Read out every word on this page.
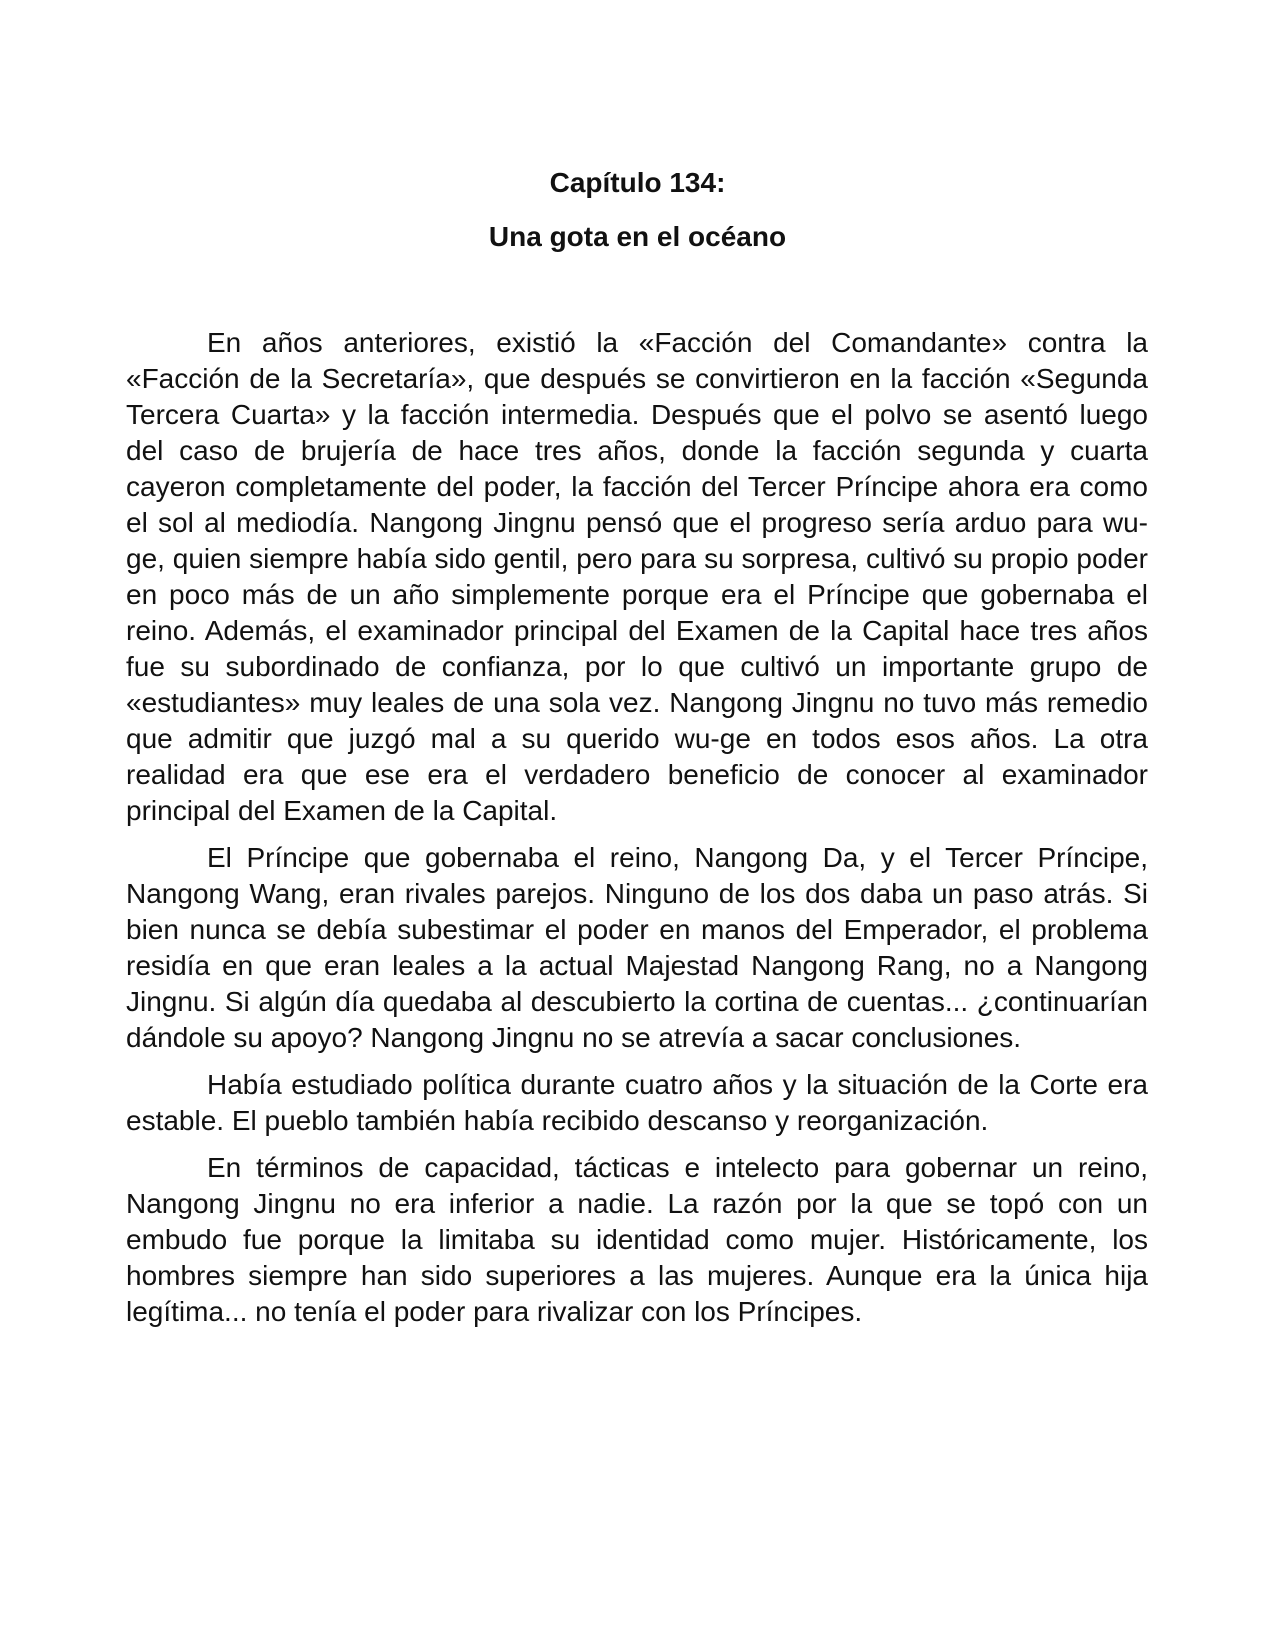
Capítulo 134:
Una gota en el océano

En años anteriores, existió la «Facción del Comandante» contra la «Facción de la Secretaría», que después se convirtieron en la facción «Segunda Tercera Cuarta» y la facción intermedia. Después que el polvo se asentó luego del caso de brujería de hace tres años, donde la facción segunda y cuarta cayeron completamente del poder, la facción del Tercer Príncipe ahora era como el sol al mediodía. Nangong Jingnu pensó que el progreso sería arduo para wu-ge, quien siempre había sido gentil, pero para su sorpresa, cultivó su propio poder en poco más de un año simplemente porque era el Príncipe que gobernaba el reino. Además, el examinador principal del Examen de la Capital hace tres años fue su subordinado de confianza, por lo que cultivó un importante grupo de «estudiantes» muy leales de una sola vez. Nangong Jingnu no tuvo más remedio que admitir que juzgó mal a su querido wu-ge en todos esos años. La otra realidad era que ese era el verdadero beneficio de conocer al examinador principal del Examen de la Capital.

El Príncipe que gobernaba el reino, Nangong Da, y el Tercer Príncipe, Nangong Wang, eran rivales parejos. Ninguno de los dos daba un paso atrás. Si bien nunca se debía subestimar el poder en manos del Emperador, el problema residía en que eran leales a la actual Majestad Nangong Rang, no a Nangong Jingnu. Si algún día quedaba al descubierto la cortina de cuentas... ¿continuarían dándole su apoyo? Nangong Jingnu no se atrevía a sacar conclusiones.

Había estudiado política durante cuatro años y la situación de la Corte era estable. El pueblo también había recibido descanso y reorganización.

En términos de capacidad, tácticas e intelecto para gobernar un reino, Nangong Jingnu no era inferior a nadie. La razón por la que se topó con un embudo fue porque la limitaba su identidad como mujer. Históricamente, los hombres siempre han sido superiores a las mujeres. Aunque era la única hija legítima... no tenía el poder para rivalizar con los Príncipes.
